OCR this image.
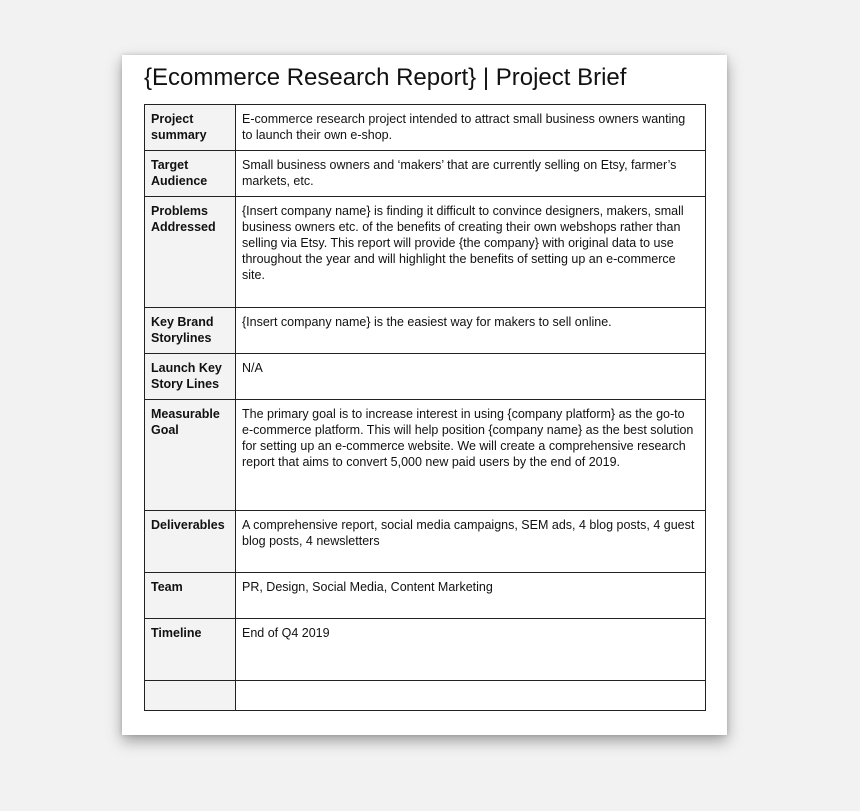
{Ecommerce Research Report} | Project Brief
Project summary	E-commerce research project intended to attract small business owners wanting to launch their own e-shop.
Target Audience	Small business owners and ‘makers’ that are currently selling on Etsy, farmer’s markets, etc.
Problems Addressed	{Insert company name} is finding it difficult to convince designers, makers, small business owners etc. of the benefits of creating their own webshops rather than selling via Etsy. This report will provide {the company} with original data to use throughout the year and will highlight the benefits of setting up an e-commerce site.
Key Brand Storylines	{Insert company name} is the easiest way for makers to sell online.
Launch Key Story Lines	N/A
Measurable Goal	The primary goal is to increase interest in using {company platform} as the go-to e-commerce platform. This will help position {company name} as the best solution for setting up an e-commerce website. We will create a comprehensive research report that aims to convert 5,000 new paid users by the end of 2019.
Deliverables	A comprehensive report, social media campaigns, SEM ads, 4 blog posts, 4 guest blog posts, 4 newsletters
Team	PR, Design, Social Media, Content Marketing
Timeline	End of Q4 2019
